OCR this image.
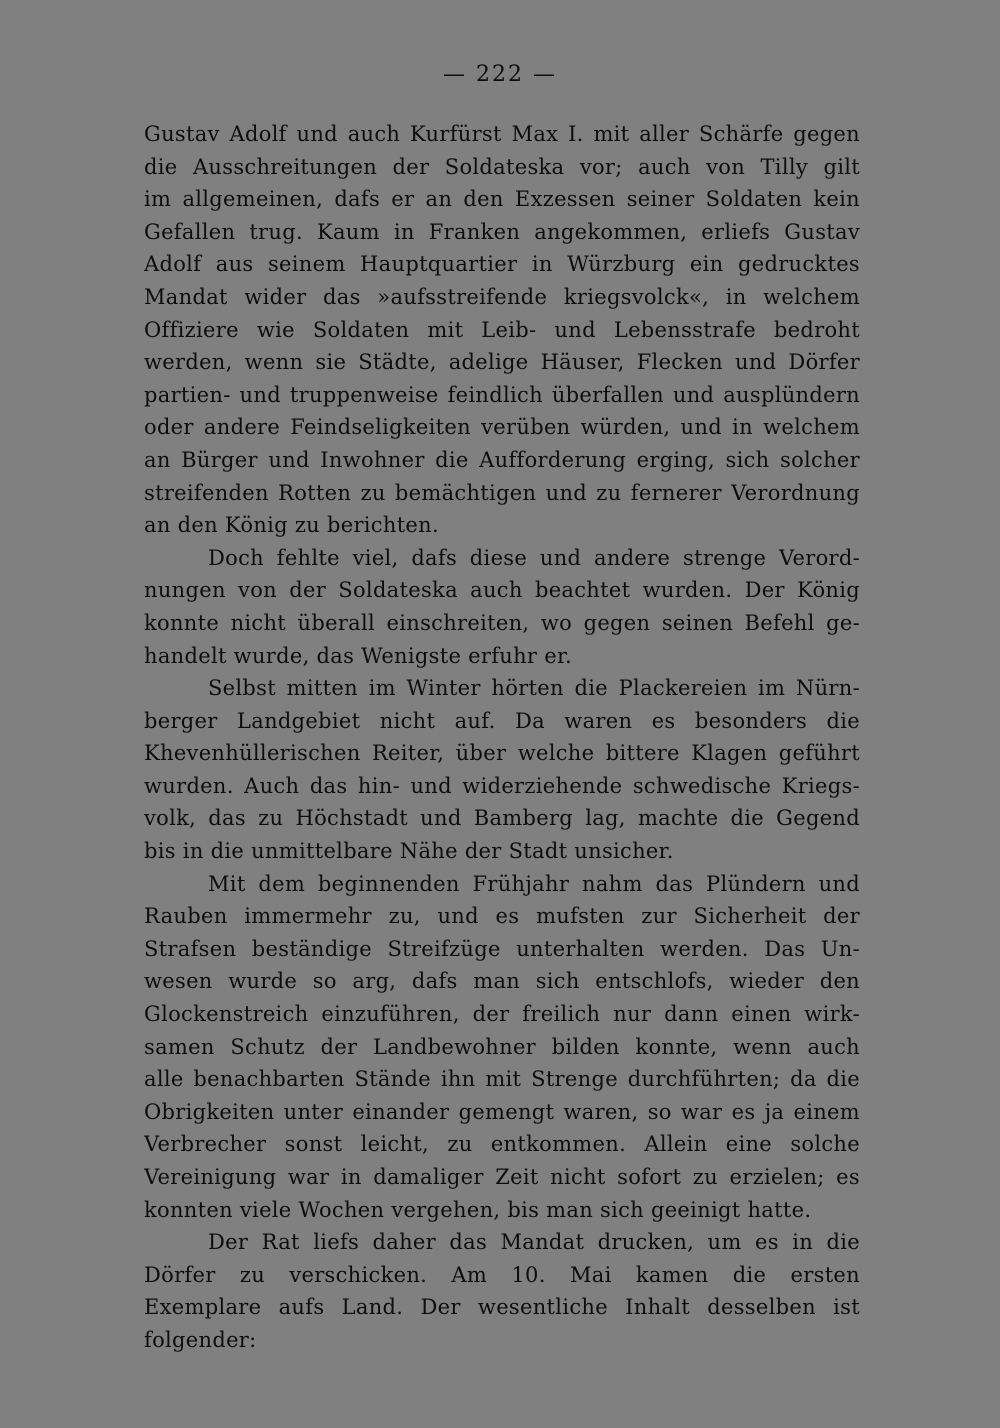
— 222 —
Gustav Adolf und auch Kurfürst Max I. mit aller Schärfe gegen
die Ausschreitungen der Soldateska vor; auch von Tilly gilt
im allgemeinen, dafs er an den Exzessen seiner Soldaten kein
Gefallen trug. Kaum in Franken angekommen, erliefs Gustav
Adolf aus seinem Hauptquartier in Würzburg ein gedrucktes
Mandat wider das »aufsstreifende kriegsvolck«, in welchem
Offiziere wie Soldaten mit Leib- und Lebensstrafe bedroht
werden, wenn sie Städte, adelige Häuser, Flecken und Dörfer
partien- und truppenweise feindlich überfallen und ausplündern
oder andere Feindseligkeiten verüben würden, und in welchem
an Bürger und Inwohner die Aufforderung erging, sich solcher
streifenden Rotten zu bemächtigen und zu fernerer Verordnung
an den König zu berichten.
Doch fehlte viel, dafs diese und andere strenge Verord-
nungen von der Soldateska auch beachtet wurden. Der König
konnte nicht überall einschreiten, wo gegen seinen Befehl ge-
handelt wurde, das Wenigste erfuhr er.
Selbst mitten im Winter hörten die Plackereien im Nürn-
berger Landgebiet nicht auf. Da waren es besonders die
Khevenhüllerischen Reiter, über welche bittere Klagen geführt
wurden. Auch das hin- und widerziehende schwedische Kriegs-
volk, das zu Höchstadt und Bamberg lag, machte die Gegend
bis in die unmittelbare Nähe der Stadt unsicher.
Mit dem beginnenden Frühjahr nahm das Plündern und
Rauben immermehr zu, und es mufsten zur Sicherheit der
Strafsen beständige Streifzüge unterhalten werden. Das Un-
wesen wurde so arg, dafs man sich entschlofs, wieder den
Glockenstreich einzuführen, der freilich nur dann einen wirk-
samen Schutz der Landbewohner bilden konnte, wenn auch
alle benachbarten Stände ihn mit Strenge durchführten; da die
Obrigkeiten unter einander gemengt waren, so war es ja einem
Verbrecher sonst leicht, zu entkommen. Allein eine solche
Vereinigung war in damaliger Zeit nicht sofort zu erzielen; es
konnten viele Wochen vergehen, bis man sich geeinigt hatte.
Der Rat liefs daher das Mandat drucken, um es in die
Dörfer zu verschicken. Am 10. Mai kamen die ersten
Exemplare aufs Land. Der wesentliche Inhalt desselben ist
folgender:
